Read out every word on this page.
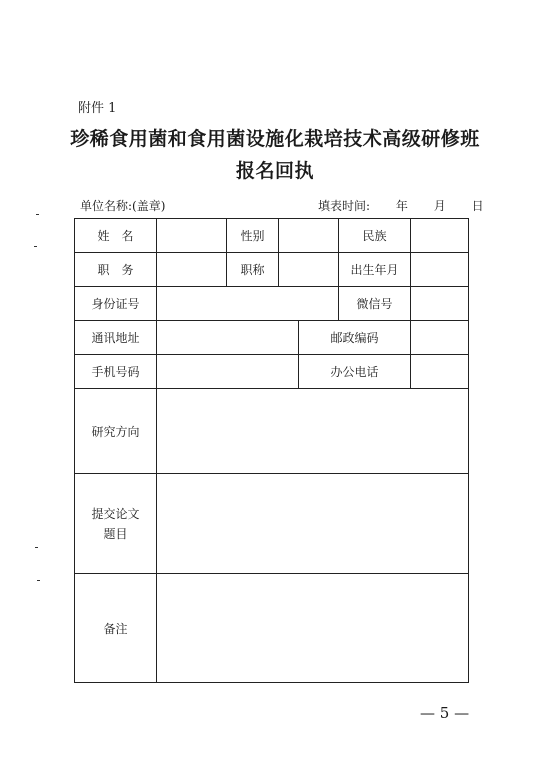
附件 1
珍稀食用菌和食用菌设施化栽培技术高级研修班
报名回执
单位名称:(盖章)	填表时间: 年 月 日
姓　名		性别			民族	
职　务		职称			出生年月	
身份证号					微信号	
通讯地址				邮政编码		
手机号码				办公电话		
研究方向						

提交论文
题目						

备注						
— 5 —
